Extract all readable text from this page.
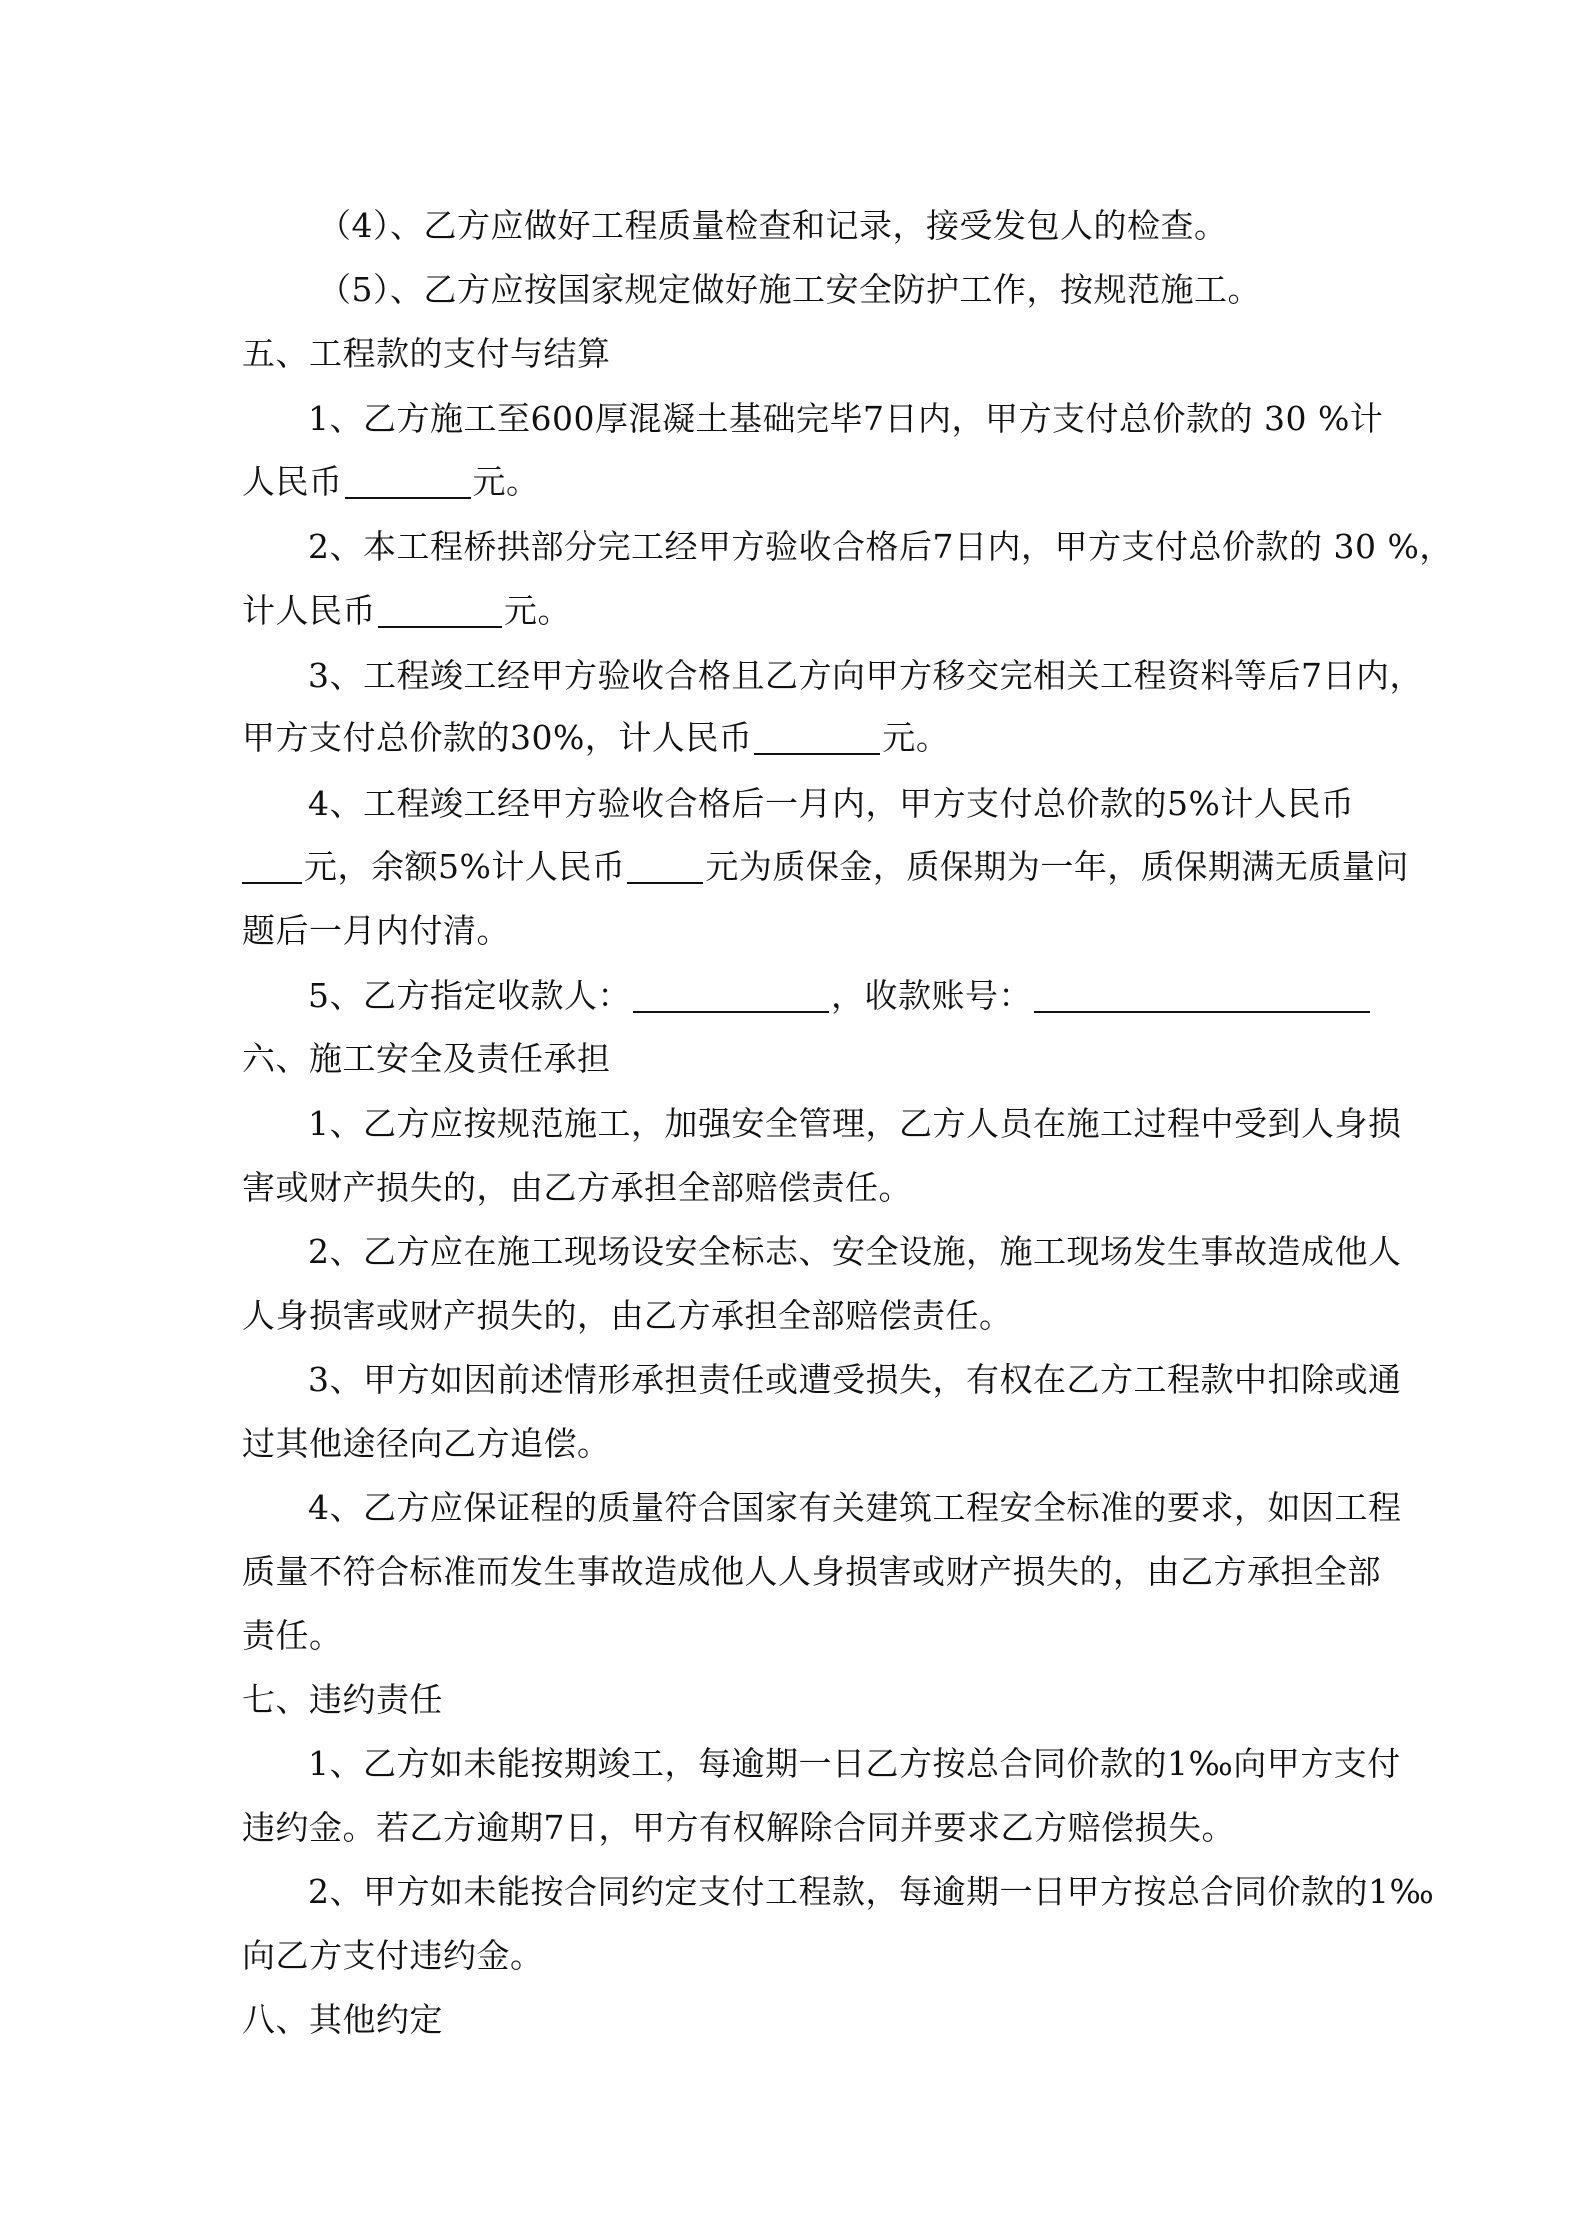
（4）、乙方应做好工程质量检查和记录，接受发包人的检查。
（5）、乙方应按国家规定做好施工安全防护工作，按规范施工。
五、工程款的支付与结算
1、乙方施工至600厚混凝土基础完毕7日内，甲方支付总价款的 30 %计
人民币	元。
2、本工程桥拱部分完工经甲方验收合格后7日内，甲方支付总价款的 30 %，
计人民币	元。
3、工程竣工经甲方验收合格且乙方向甲方移交完相关工程资料等后7日内，
甲方支付总价款的30%，计人民币	元。
4、工程竣工经甲方验收合格后一月内，甲方支付总价款的5%计人民币
元，余额5%计人民币 元为质保金，质保期为一年，质保期满无质量问
题后一月内付清。
5、乙方指定收款人：	，收款账号：
六、施工安全及责任承担
1、乙方应按规范施工，加强安全管理，乙方人员在施工过程中受到人身损
害或财产损失的，由乙方承担全部赔偿责任。
2、乙方应在施工现场设安全标志、安全设施，施工现场发生事故造成他人
人身损害或财产损失的，由乙方承担全部赔偿责任。
3、甲方如因前述情形承担责任或遭受损失，有权在乙方工程款中扣除或通
过其他途径向乙方追偿。
4、乙方应保证程的质量符合国家有关建筑工程安全标准的要求，如因工程
质量不符合标准而发生事故造成他人人身损害或财产损失的，由乙方承担全部
责任。
七、违约责任
1、乙方如未能按期竣工，每逾期一日乙方按总合同价款的1‰向甲方支付
违约金。若乙方逾期7日，甲方有权解除合同并要求乙方赔偿损失。
2、甲方如未能按合同约定支付工程款，每逾期一日甲方按总合同价款的1‰
向乙方支付违约金。
八、其他约定
